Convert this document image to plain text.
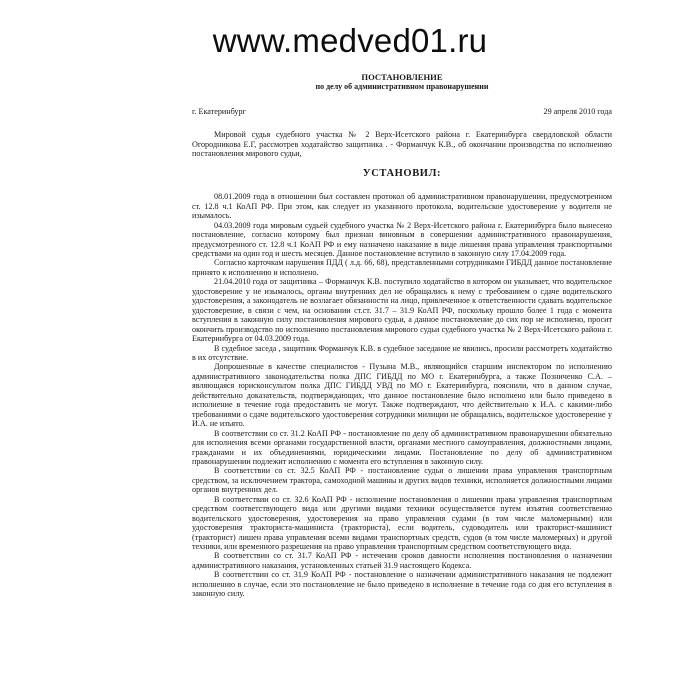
www.medved01.ru
ПОСТАНОВЛЕНИЕ
по делу об административном правонарушении
г. Екатеринбург	29 апреля 2010 года

Мировой судья судебного участка № 2 Верх-Исетского района г. Екатеринбурга свердловской области Огородникова Е.Г, рассмотрев ходатайство защитника . - Форманчук К.В., об окончании производства по исполнению постановления мирового судьи,

УСТАНОВИЛ:

08.01.2009 года в отношении был составлен протокол об административном правонарушении, предусмотренном ст. 12.8 ч.1 КоАП РФ. При этом, как следует из указанного протокола, водительское удостоверение у водителя не изымалось.

04.03.2009 года мировым судьей судебного участка № 2 Верх-Исетского района г. Екатеринбурга было вынесено постановление, согласно которому был признан виновным в совершении административного правонарушения, предусмотренного ст. 12.8 ч.1 КоАП РФ и ему назначено наказание в виде лишения права управления транспортными средствами на один год и шесть месяцев. Данное постановление вступило в законную силу 17.04.2009 года.

Согласно карточкам нарушения ПДД ( л.д. 66, 68), представленными сотрудниками ГИБДД данное постановление принято к исполнению и исполнено.

21.04.2010 года от защитника – Форманчук К.В. поступило ходатайство в котором он указывает, что водительское удостоверение у не изымалось, органы внутренних дел не обращались к нему с требованием о сдаче водительского удостоверения, а законодатель не возлагает обязанности на лицо, привлеченное к ответственности сдавать водительское удостоверение, в связи с чем, на основании ст.ст. 31.7 – 31.9 КоАП РФ, поскольку прошло более 1 года с момента вступления в законную силу постановления мирового судьи, а данное постановление до сих пор не исполнено, просит окончить производство по исполнению постановления мирового судьи судебного участка № 2 Верх-Исетского района г. Екатеринбурга от 04.03.2009 года.

В судебное заседа , защитник Форманчук К.В. в судебное заседание не явились, просили рассмотреть ходатайство в их отсутствие.

Допрошенные в качестве специалистов - Пузына М.В., являющийся старшим инспектором по исполнению административного законодательства полка ДПС ГИБДД по МО г. Екатеринбурга, а также Позниченко С.А. – являющаяся юрисконсультом полка ДПС ГИБДД УВД по МО г. Екатеринбурга, пояснили, что в данном случае, действительно доказательств, подтверждающих, что данное постановление было исполнено или было приведено в исполнение в течение года предоставить не могут. Также подтверждают, что действительно к И.А. с какими-либо требованиями о сдаче водительского удостоверения сотрудники милиции не обращались, водительское удостоверение у И.А. не изъято.

В соответствии со ст. 31.2 КоАП РФ - постановление по делу об административном правонарушении обязательно для исполнения всеми органами государственной власти, органами местного самоуправления, должностными лицами, гражданами и их объединениями, юридическими лицами. Постановление по делу об административном правонарушении подлежит исполнению с момента его вступления в законную силу.

В соответствии со ст. 32.5 КоАП РФ - постановление судьи о лишении права управления транспортным средством, за исключением трактора, самоходной машины и других видов техники, исполняется должностными лицами органов внутренних дел.

В соответствии со ст. 32.6 КоАП РФ - исполнение постановления о лишении права управления транспортным средством соответствующего вида или другими видами техники осуществляется путем изъятия соответственно водительского удостоверения, удостоверения на право управления судами (в том числе маломерными) или удостоверения тракториста-машиниста (тракториста), если водитель, судоводитель или тракторист-машинист (тракторист) лишен права управления всеми видами транспортных средств, судов (в том числе маломерных) и другой техники, или временного разрешения на право управления транспортным средством соответствующего вида.

В соответствии со ст. 31.7 КоАП РФ - истечения сроков давности исполнения постановления о назначении административного наказания, установленных статьей 31.9 настоящего Кодекса.

В соответствии со ст. 31.9 КоАП РФ - постановление о назначении административного наказания не подлежит исполнению в случае, если это постановление не было приведено в исполнение в течение года со дня его вступления в законную силу.
